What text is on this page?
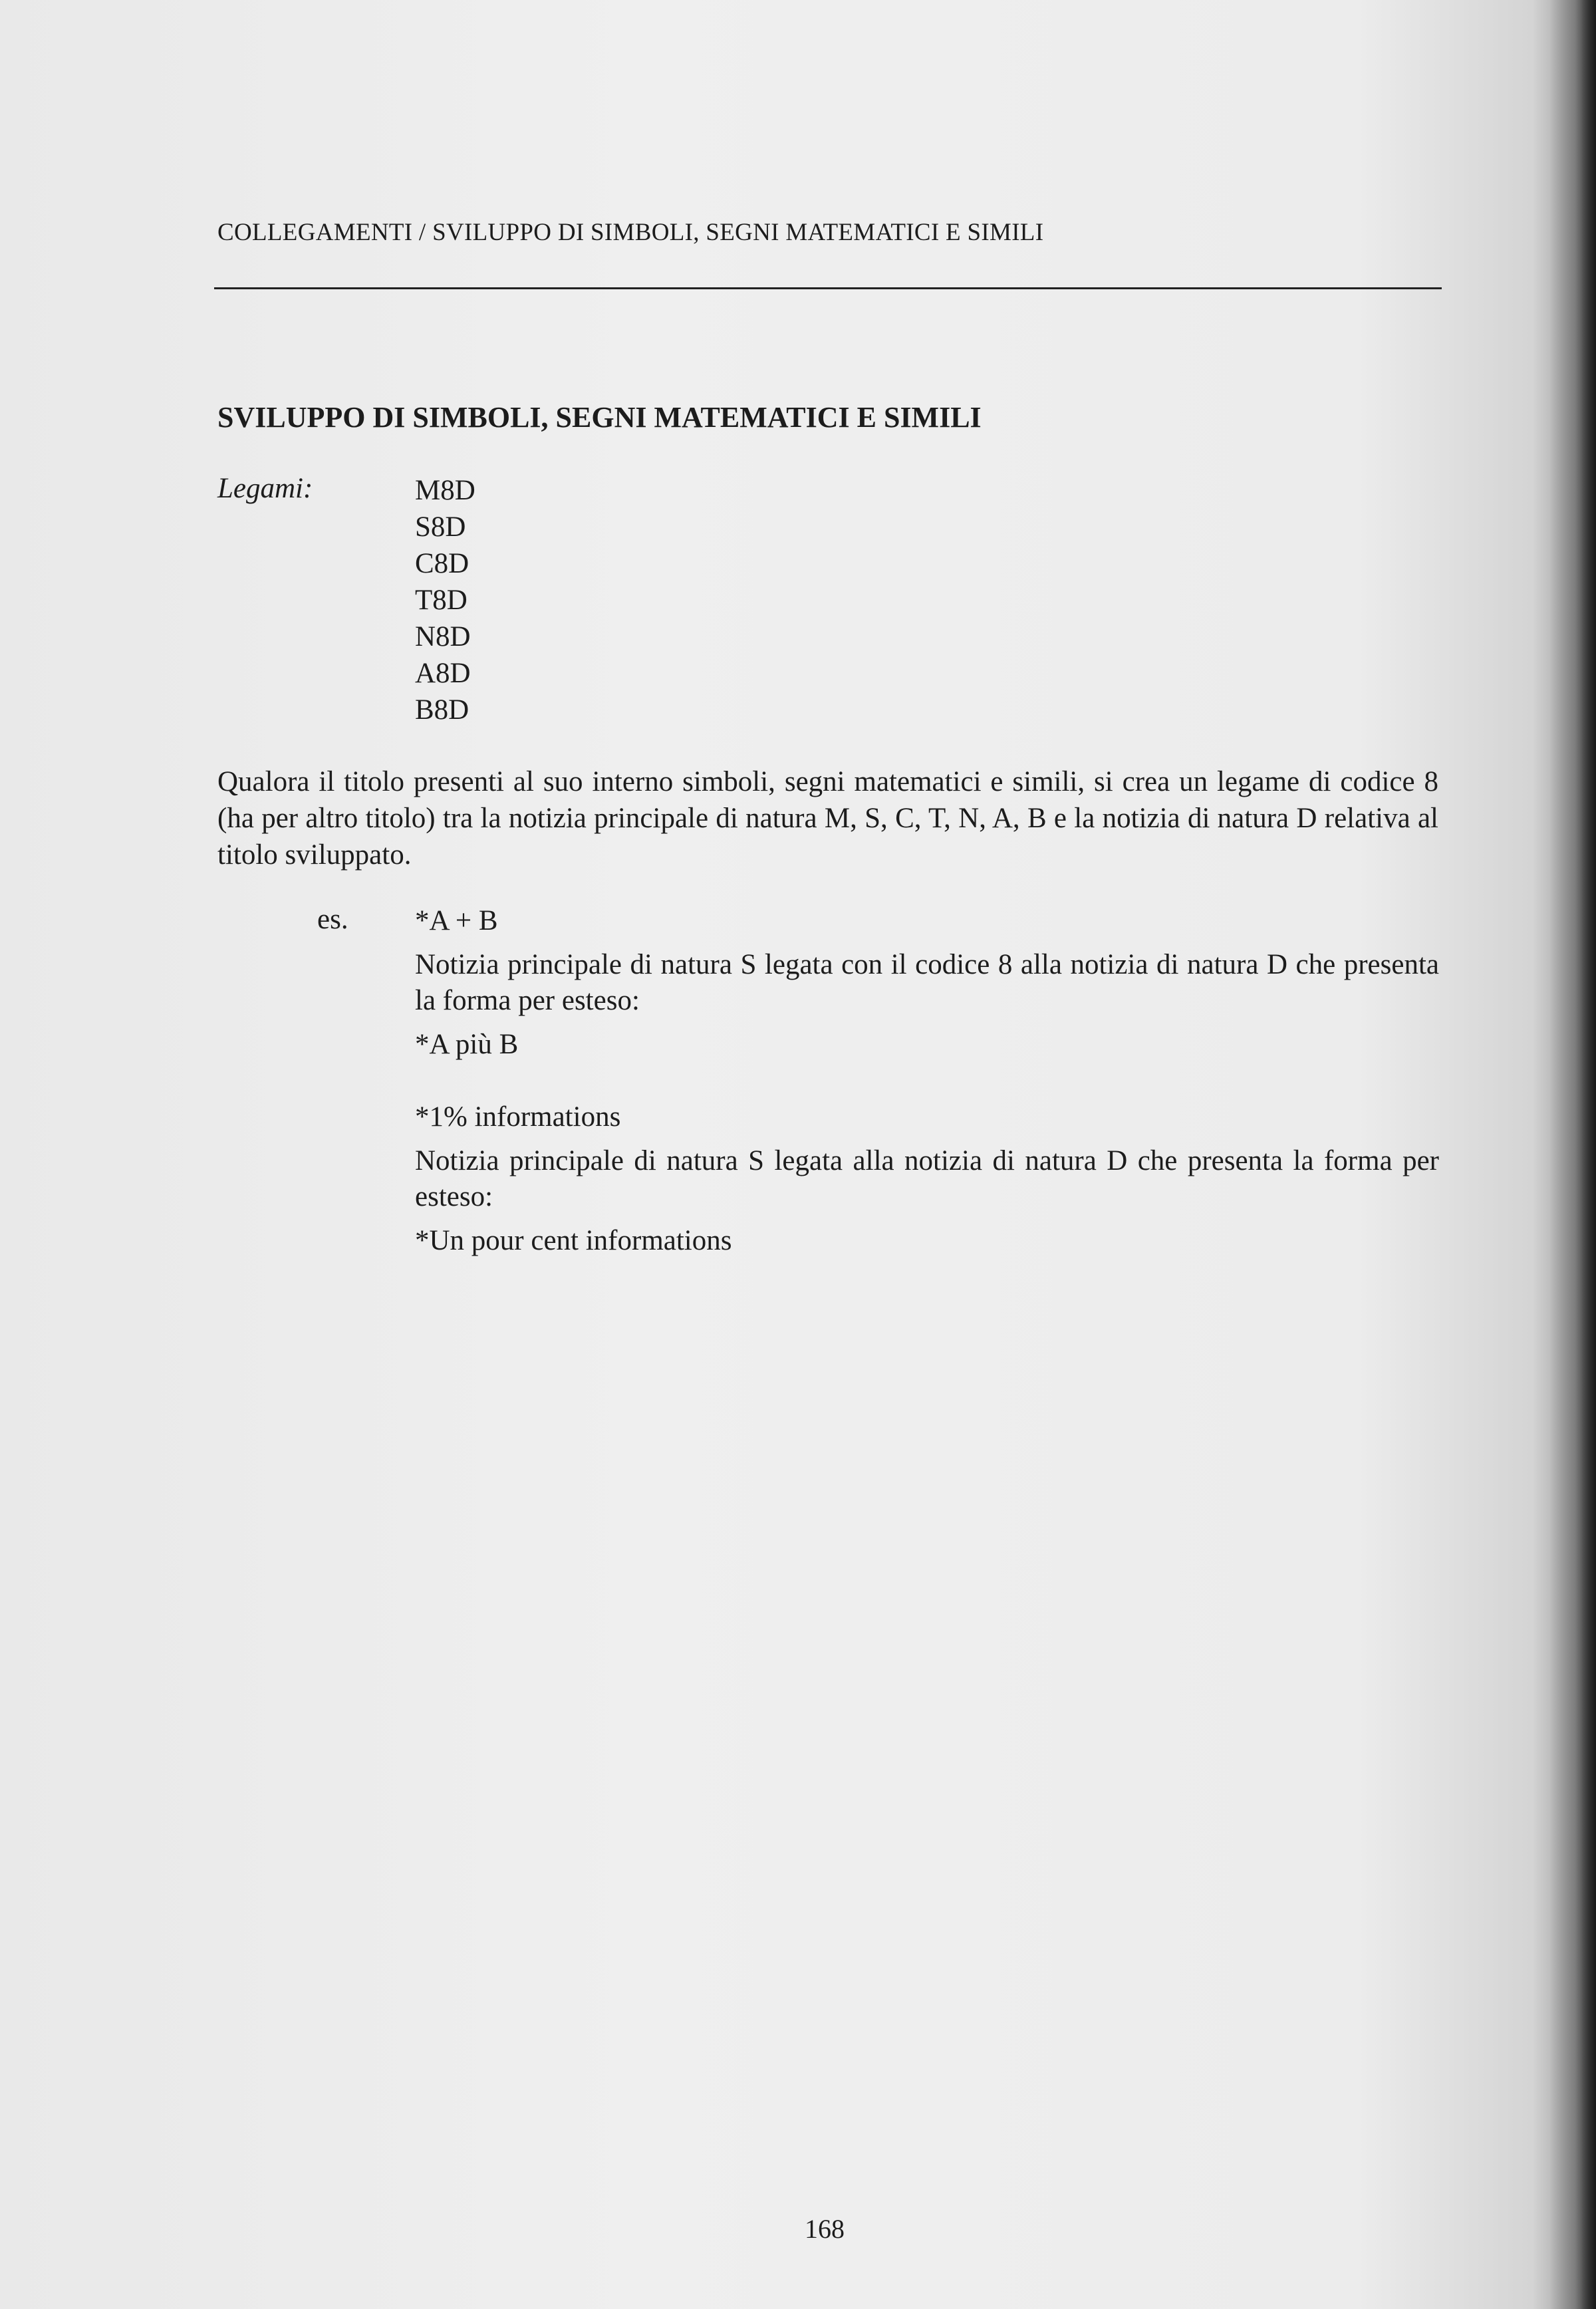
COLLEGAMENTI / SVILUPPO DI SIMBOLI, SEGNI MATEMATICI E SIMILI
SVILUPPO DI SIMBOLI, SEGNI MATEMATICI E SIMILI
Legami:	M8D
S8D
C8D
T8D
N8D
A8D
B8D
Qualora il titolo presenti al suo interno simboli, segni matematici e simili, si crea un legame di codice 8 (ha per altro titolo) tra la notizia principale di natura M, S, C, T, N, A, B e la notizia di natura D relativa al titolo sviluppato.
es. *A + B

Notizia principale di natura S legata con il codice 8 alla notizia di natura D che presenta la forma per esteso:

*A più B

*1% informations

Notizia principale di natura S legata alla notizia di natura D che presenta la forma per esteso:

*Un pour cent informations

168
